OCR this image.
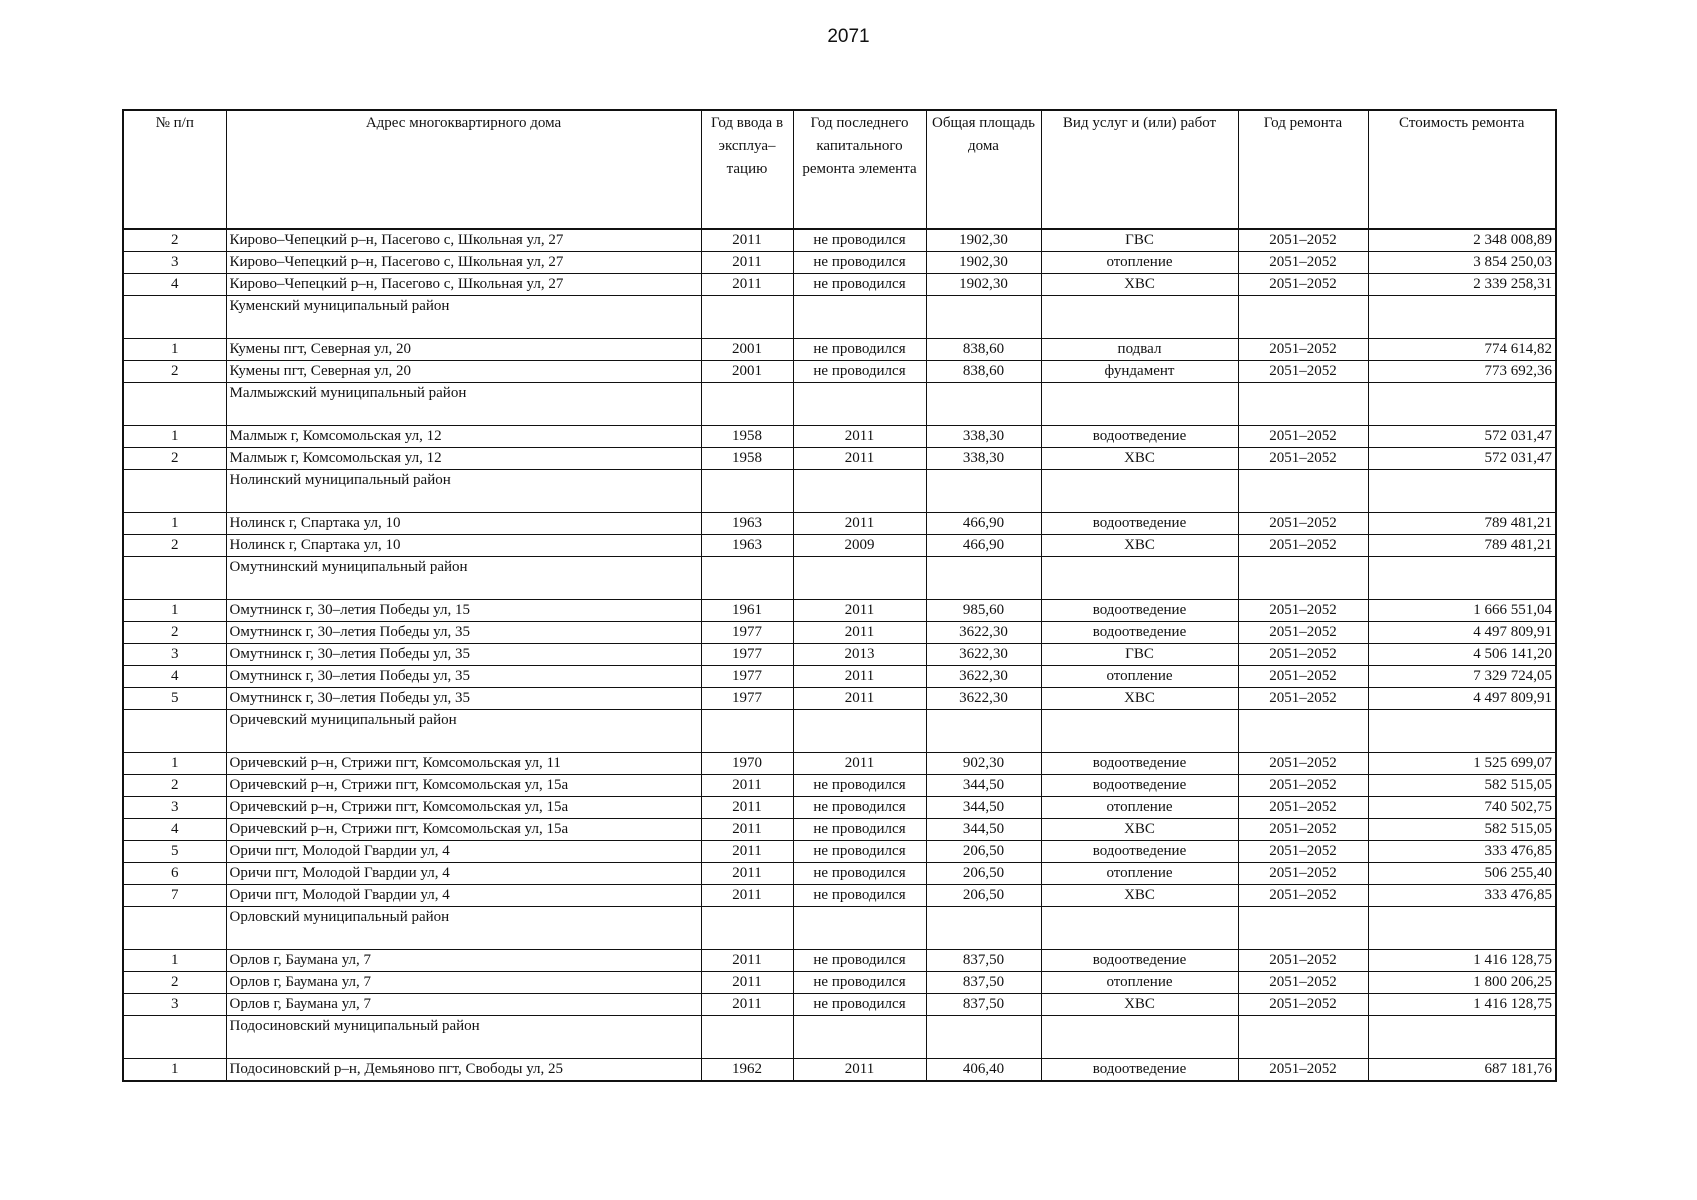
2071
№ п/п	Адрес многоквартирного дома	Год ввода в эксплуа–тацию	Год последнего капитального ремонта элемента	Общая площадь дома	Вид услуг и (или) работ	Год ремонта	Стоимость ремонта
2	Кирово–Чепецкий р–н, Пасегово с, Школьная ул, 27	2011	не проводился	1902,30	ГВС	2051–2052	2 348 008,89
3	Кирово–Чепецкий р–н, Пасегово с, Школьная ул, 27	2011	не проводился	1902,30	отопление	2051–2052	3 854 250,03
4	Кирово–Чепецкий р–н, Пасегово с, Школьная ул, 27	2011	не проводился	1902,30	ХВС	2051–2052	2 339 258,31
	Куменский муниципальный район						
1	Кумены пгт, Северная ул, 20	2001	не проводился	838,60	подвал	2051–2052	774 614,82
2	Кумены пгт, Северная ул, 20	2001	не проводился	838,60	фундамент	2051–2052	773 692,36
	Малмыжский муниципальный район						
1	Малмыж г, Комсомольская ул, 12	1958	2011	338,30	водоотведение	2051–2052	572 031,47
2	Малмыж г, Комсомольская ул, 12	1958	2011	338,30	ХВС	2051–2052	572 031,47
	Нолинский муниципальный район						
1	Нолинск г, Спартака ул, 10	1963	2011	466,90	водоотведение	2051–2052	789 481,21
2	Нолинск г, Спартака ул, 10	1963	2009	466,90	ХВС	2051–2052	789 481,21
	Омутнинский муниципальный район						
1	Омутнинск г, 30–летия Победы ул, 15	1961	2011	985,60	водоотведение	2051–2052	1 666 551,04
2	Омутнинск г, 30–летия Победы ул, 35	1977	2011	3622,30	водоотведение	2051–2052	4 497 809,91
3	Омутнинск г, 30–летия Победы ул, 35	1977	2013	3622,30	ГВС	2051–2052	4 506 141,20
4	Омутнинск г, 30–летия Победы ул, 35	1977	2011	3622,30	отопление	2051–2052	7 329 724,05
5	Омутнинск г, 30–летия Победы ул, 35	1977	2011	3622,30	ХВС	2051–2052	4 497 809,91
	Оричевский муниципальный район						
1	Оричевский р–н, Стрижи пгт, Комсомольская ул, 11	1970	2011	902,30	водоотведение	2051–2052	1 525 699,07
2	Оричевский р–н, Стрижи пгт, Комсомольская ул, 15а	2011	не проводился	344,50	водоотведение	2051–2052	582 515,05
3	Оричевский р–н, Стрижи пгт, Комсомольская ул, 15а	2011	не проводился	344,50	отопление	2051–2052	740 502,75
4	Оричевский р–н, Стрижи пгт, Комсомольская ул, 15а	2011	не проводился	344,50	ХВС	2051–2052	582 515,05
5	Оричи пгт, Молодой Гвардии ул, 4	2011	не проводился	206,50	водоотведение	2051–2052	333 476,85
6	Оричи пгт, Молодой Гвардии ул, 4	2011	не проводился	206,50	отопление	2051–2052	506 255,40
7	Оричи пгт, Молодой Гвардии ул, 4	2011	не проводился	206,50	ХВС	2051–2052	333 476,85
	Орловский муниципальный район						
1	Орлов г, Баумана ул, 7	2011	не проводился	837,50	водоотведение	2051–2052	1 416 128,75
2	Орлов г, Баумана ул, 7	2011	не проводился	837,50	отопление	2051–2052	1 800 206,25
3	Орлов г, Баумана ул, 7	2011	не проводился	837,50	ХВС	2051–2052	1 416 128,75
	Подосиновский муниципальный район						
1	Подосиновский р–н, Демьяново пгт, Свободы ул, 25	1962	2011	406,40	водоотведение	2051–2052	687 181,76
